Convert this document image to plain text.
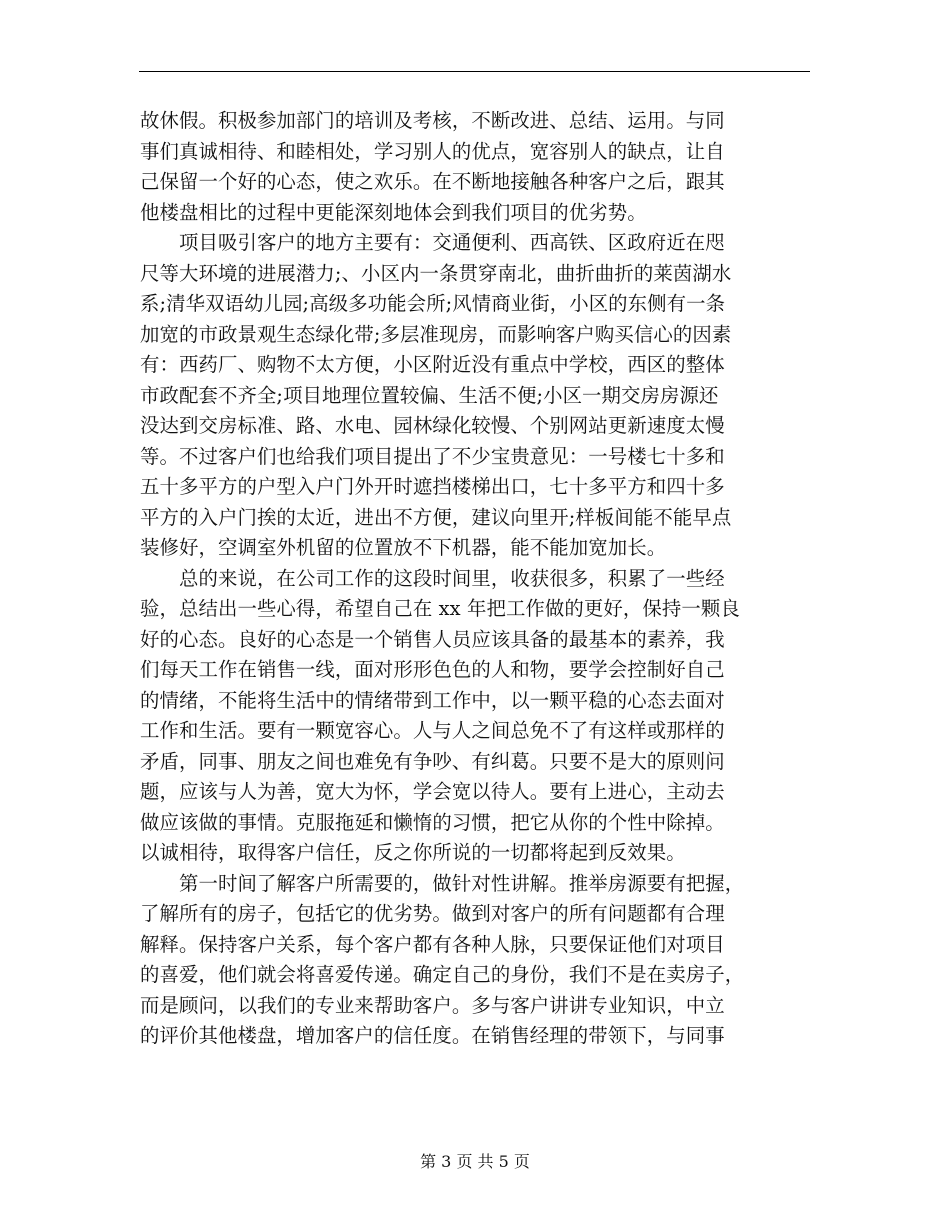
故休假。积极参加部门的培训及考核，不断改进、总结、运用。与同
事们真诚相待、和睦相处，学习别人的优点，宽容别人的缺点，让自
己保留一个好的心态，使之欢乐。在不断地接触各种客户之后，跟其
他楼盘相比的过程中更能深刻地体会到我们项目的优劣势。
　　项目吸引客户的地方主要有：交通便利、西高铁、区政府近在咫
尺等大环境的进展潜力;、小区内一条贯穿南北，曲折曲折的莱茵湖水
系;清华双语幼儿园;高级多功能会所;风情商业街，小区的东侧有一条
加宽的市政景观生态绿化带;多层准现房，而影响客户购买信心的因素
有：西药厂、购物不太方便，小区附近没有重点中学校，西区的整体
市政配套不齐全;项目地理位置较偏、生活不便;小区一期交房房源还
没达到交房标准、路、水电、园林绿化较慢、个别网站更新速度太慢
等。不过客户们也给我们项目提出了不少宝贵意见：一号楼七十多和
五十多平方的户型入户门外开时遮挡楼梯出口，七十多平方和四十多
平方的入户门挨的太近，进出不方便，建议向里开;样板间能不能早点
装修好，空调室外机留的位置放不下机器，能不能加宽加长。
　　总的来说，在公司工作的这段时间里，收获很多，积累了一些经
验，总结出一些心得，希望自己在 xx 年把工作做的更好，保持一颗良
好的心态。良好的心态是一个销售人员应该具备的最基本的素养，我
们每天工作在销售一线，面对形形色色的人和物，要学会控制好自己
的情绪，不能将生活中的情绪带到工作中，以一颗平稳的心态去面对
工作和生活。要有一颗宽容心。人与人之间总免不了有这样或那样的
矛盾，同事、朋友之间也难免有争吵、有纠葛。只要不是大的原则问
题，应该与人为善，宽大为怀，学会宽以待人。要有上进心，主动去
做应该做的事情。克服拖延和懒惰的习惯，把它从你的个性中除掉。
以诚相待，取得客户信任，反之你所说的一切都将起到反效果。
　　第一时间了解客户所需要的，做针对性讲解。推举房源要有把握，
了解所有的房子，包括它的优劣势。做到对客户的所有问题都有合理
解释。保持客户关系，每个客户都有各种人脉，只要保证他们对项目
的喜爱，他们就会将喜爱传递。确定自己的身份，我们不是在卖房子，
而是顾问，以我们的专业来帮助客户。多与客户讲讲专业知识，中立
的评价其他楼盘，增加客户的信任度。在销售经理的带领下，与同事
第 3 页 共 5 页
